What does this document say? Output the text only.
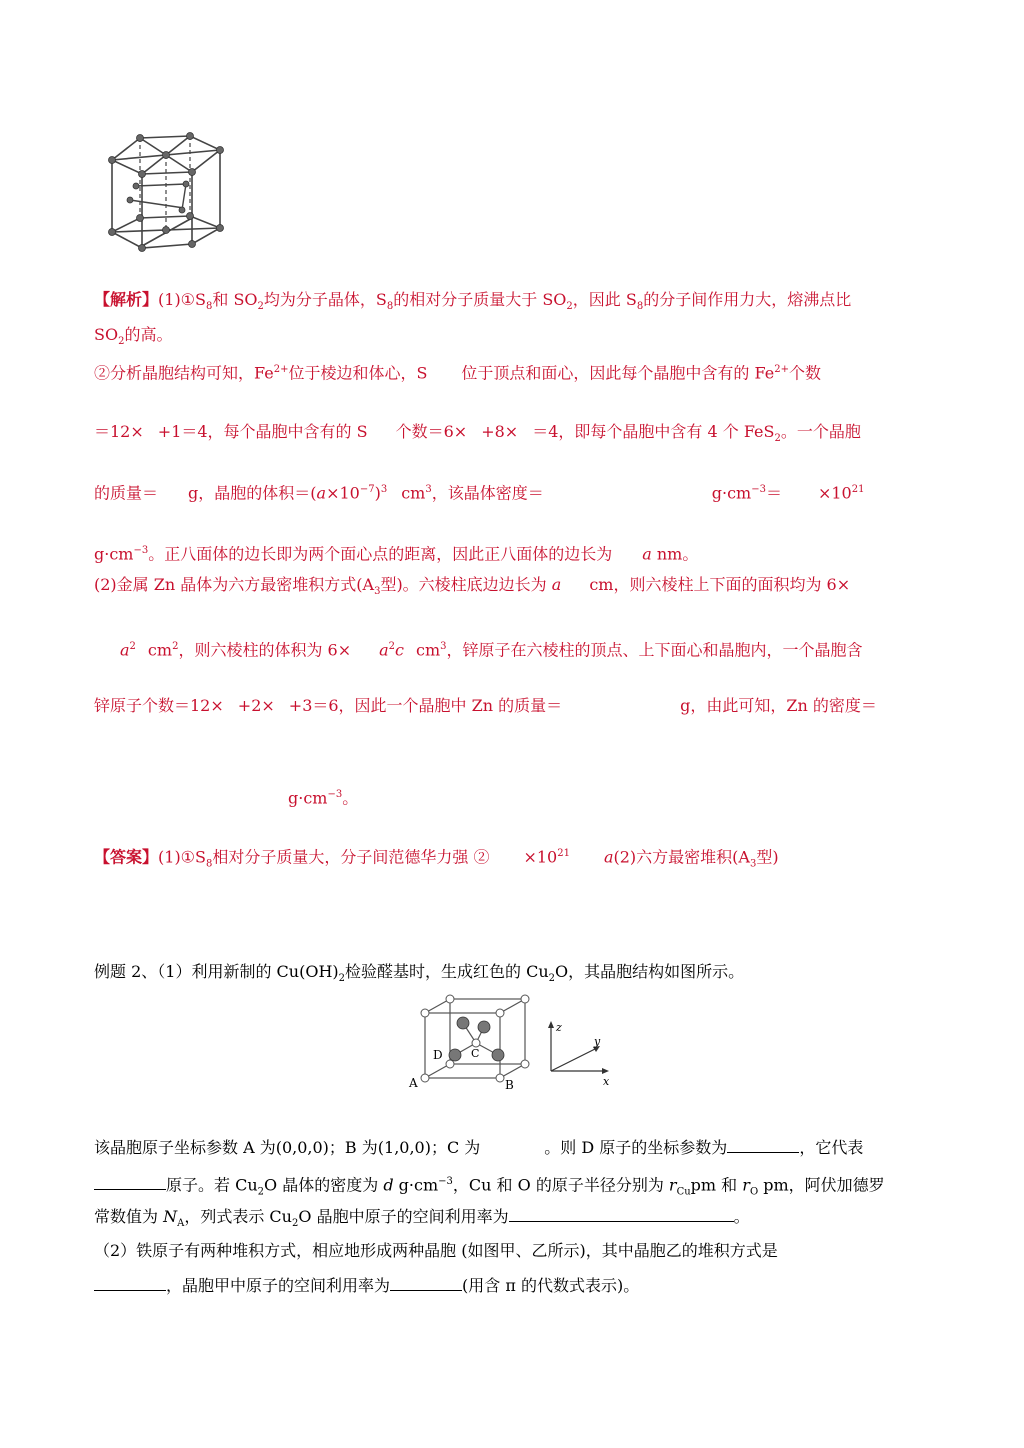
【解析】$(1)①S_8$和 $SO_2$均为分子晶体，$S_8$的相对分子质量大于 $SO_2$，因此 $S_8$的分子间作用力大，熔沸点比
$SO_2$的高。
②分析晶胞结构可知，$Fe^{2+}$位于棱边和体心，S 位于顶点和面心，因此每个晶胞中含有的 $Fe^{2+}$个数
＝12× +1＝4，每个晶胞中含有的 S 个数＝6× +8× ＝4，即每个晶胞中含有 4 个 FeS$_2$。一个晶胞
的质量＝ g，晶胞的体积$=(a\times 10^{-7})^3$ $cm^3$，该晶体密度＝	$g\cdot cm^{-3}= \times 10^{21}$
$g\cdot cm^{-3}$。正八面体的边长即为两个面心点的距离，因此正八面体的边长为 a nm。
(2)金属 Zn 晶体为六方最密堆积方式($A_3$型)。六棱柱底边边长为 a cm，则六棱柱上下面的面积均为 6×
$a^2$ $cm^2$，则六棱柱的体积为 $6\times a^2c$ $cm^3$，锌原子在六棱柱的顶点、上下面心和晶胞内，一个晶胞含
锌原子个数＝12× +2× +3＝6，因此一个晶胞中 Zn 的质量＝	g，由此可知，Zn 的密度＝
$g\cdot cm^{-3}$。
【答案】$(1)①S_8$相对分子质量大，分子间范德华力强 ② $\times 10^{21}$ a(2)六方最密堆积($A_3$型)
例题 2、（1）利用新制的 $Cu(OH)_2$检验醛基时，生成红色的 $Cu_2O$，其晶胞结构如图所示。
D	C
A	B
z
y
x
该晶胞原子坐标参数 A 为(0,0,0)；B 为(1,0,0)；C 为	。则 D 原子的坐标参数为	，它代表
原子。若 $Cu_2O$ 晶体的密度为 d $g\cdot cm^{-3}$，Cu 和 O 的原子半径分别为 $r_{Cu}pm$ 和 $r_O$ pm，阿伏加德罗
常数值为 $N_A$，列式表示 $Cu_2O$ 晶胞中原子的空间利用率为	。
（2）铁原子有两种堆积方式，相应地形成两种晶胞 (如图甲、乙所示)，其中晶胞乙的堆积方式是
，晶胞甲中原子的空间利用率为	(用含 π 的代数式表示)。
